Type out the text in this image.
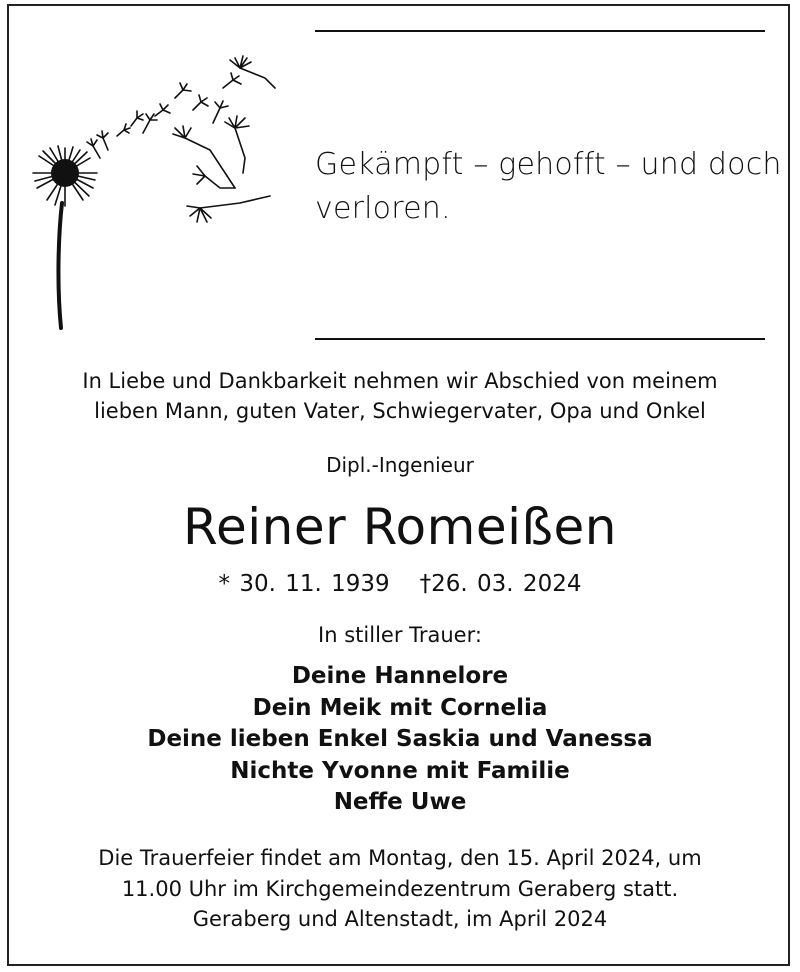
Gekämpft – gehofft – und doch
verloren.
In Liebe und Dankbarkeit nehmen wir Abschied von meinem
lieben Mann, guten Vater, Schwiegervater, Opa und Onkel
Dipl.-Ingenieur
Reiner Romeißen
* 30. 11. 1939 †26. 03. 2024
In stiller Trauer:
Deine Hannelore
Dein Meik mit Cornelia
Deine lieben Enkel Saskia und Vanessa
Nichte Yvonne mit Familie
Neffe Uwe
Die Trauerfeier findet am Montag, den 15. April 2024, um
11.00 Uhr im Kirchgemeindezentrum Geraberg statt.
Geraberg und Altenstadt, im April 2024
